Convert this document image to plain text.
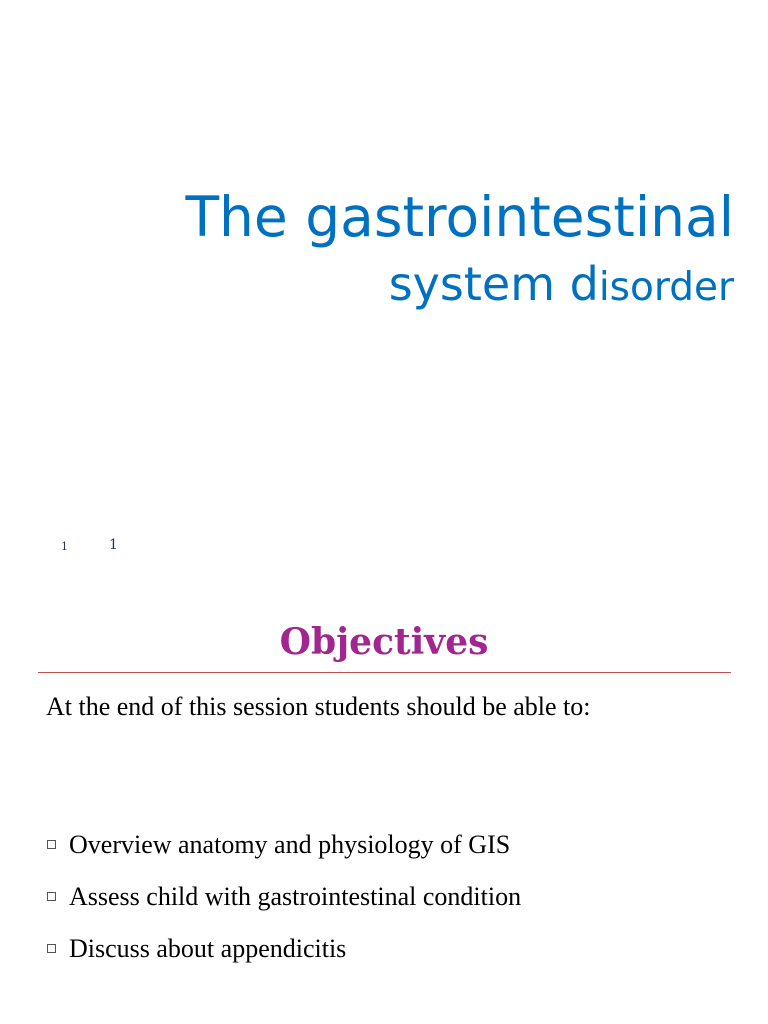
The gastrointestinal
system disorder
1	1
Objectives
At the end of this session students should be able to:
Overview anatomy and physiology of GIS
Assess child with gastrointestinal condition
Discuss about appendicitis
